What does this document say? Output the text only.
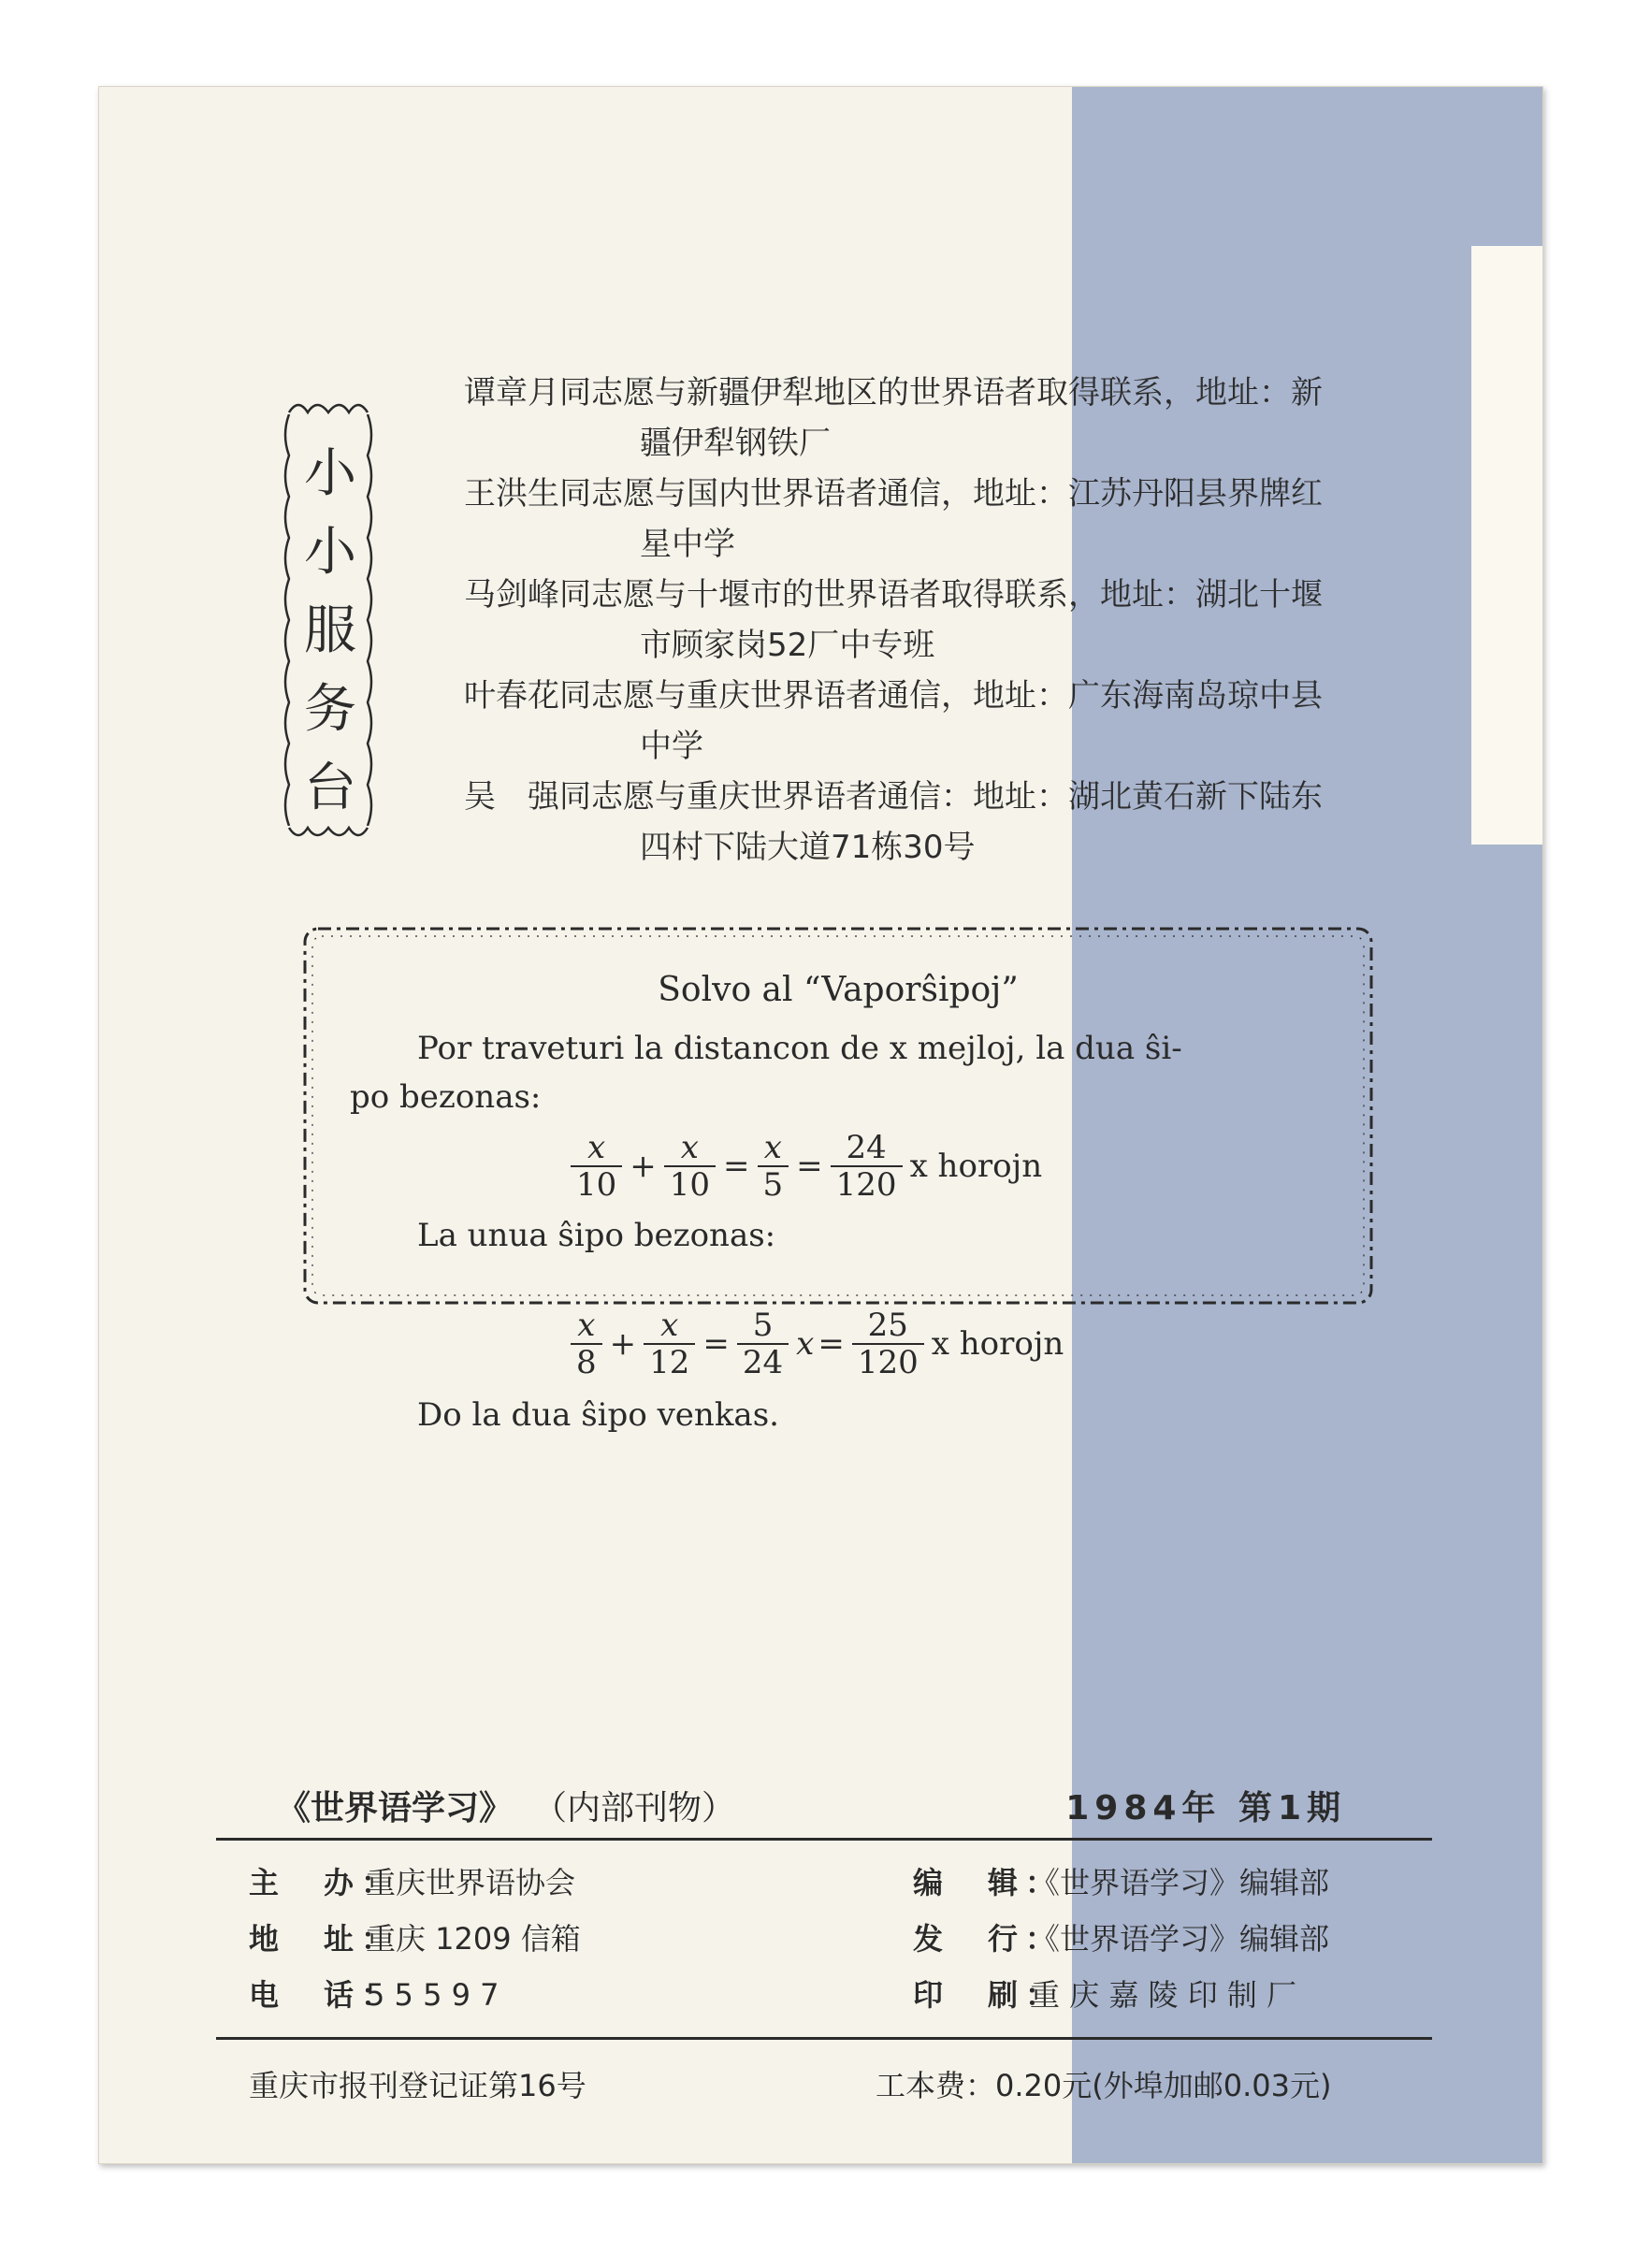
小
小
服
务
台

谭章月同志愿与新疆伊犁地区的世界语者取得联系，地址：新
疆伊犁钢铁厂

王洪生同志愿与国内世界语者通信，地址：江苏丹阳县界牌红
星中学

马剑峰同志愿与十堰市的世界语者取得联系，地址：湖北十堰
市顾家岗52厂中专班

叶春花同志愿与重庆世界语者通信，地址：广东海南岛琼中县
中学

吴　强同志愿与重庆世界语者通信：地址：湖北黄石新下陆东
四村下陆大道71栋30号

Solvo al “Vaporŝipoj”
Por traveturi la distancon de x mejloj, la dua ŝi-
po bezonas:
$\frac{x}{10} + \frac{x}{10} = \frac{x}{5} = \frac{24}{120}$ x horojn
La unua ŝipo bezonas:
$\frac{x}{8} + \frac{x}{12} = \frac{5}{24}$ $x = \frac{25}{120}$ x horojn
Do la dua ŝipo venkas.
《世界语学习》 （内部刊物）	1984年 第1期
主　办：重庆世界语协会
地　址：重庆 1209 信箱
电　话：5 5 5 9 7
编　辑：《世界语学习》编辑部
发　行：《世界语学习》编辑部
印　刷：重 庆 嘉 陵 印 制 厂
重庆市报刊登记证第16号	工本费：0.20元(外埠加邮0.03元)
